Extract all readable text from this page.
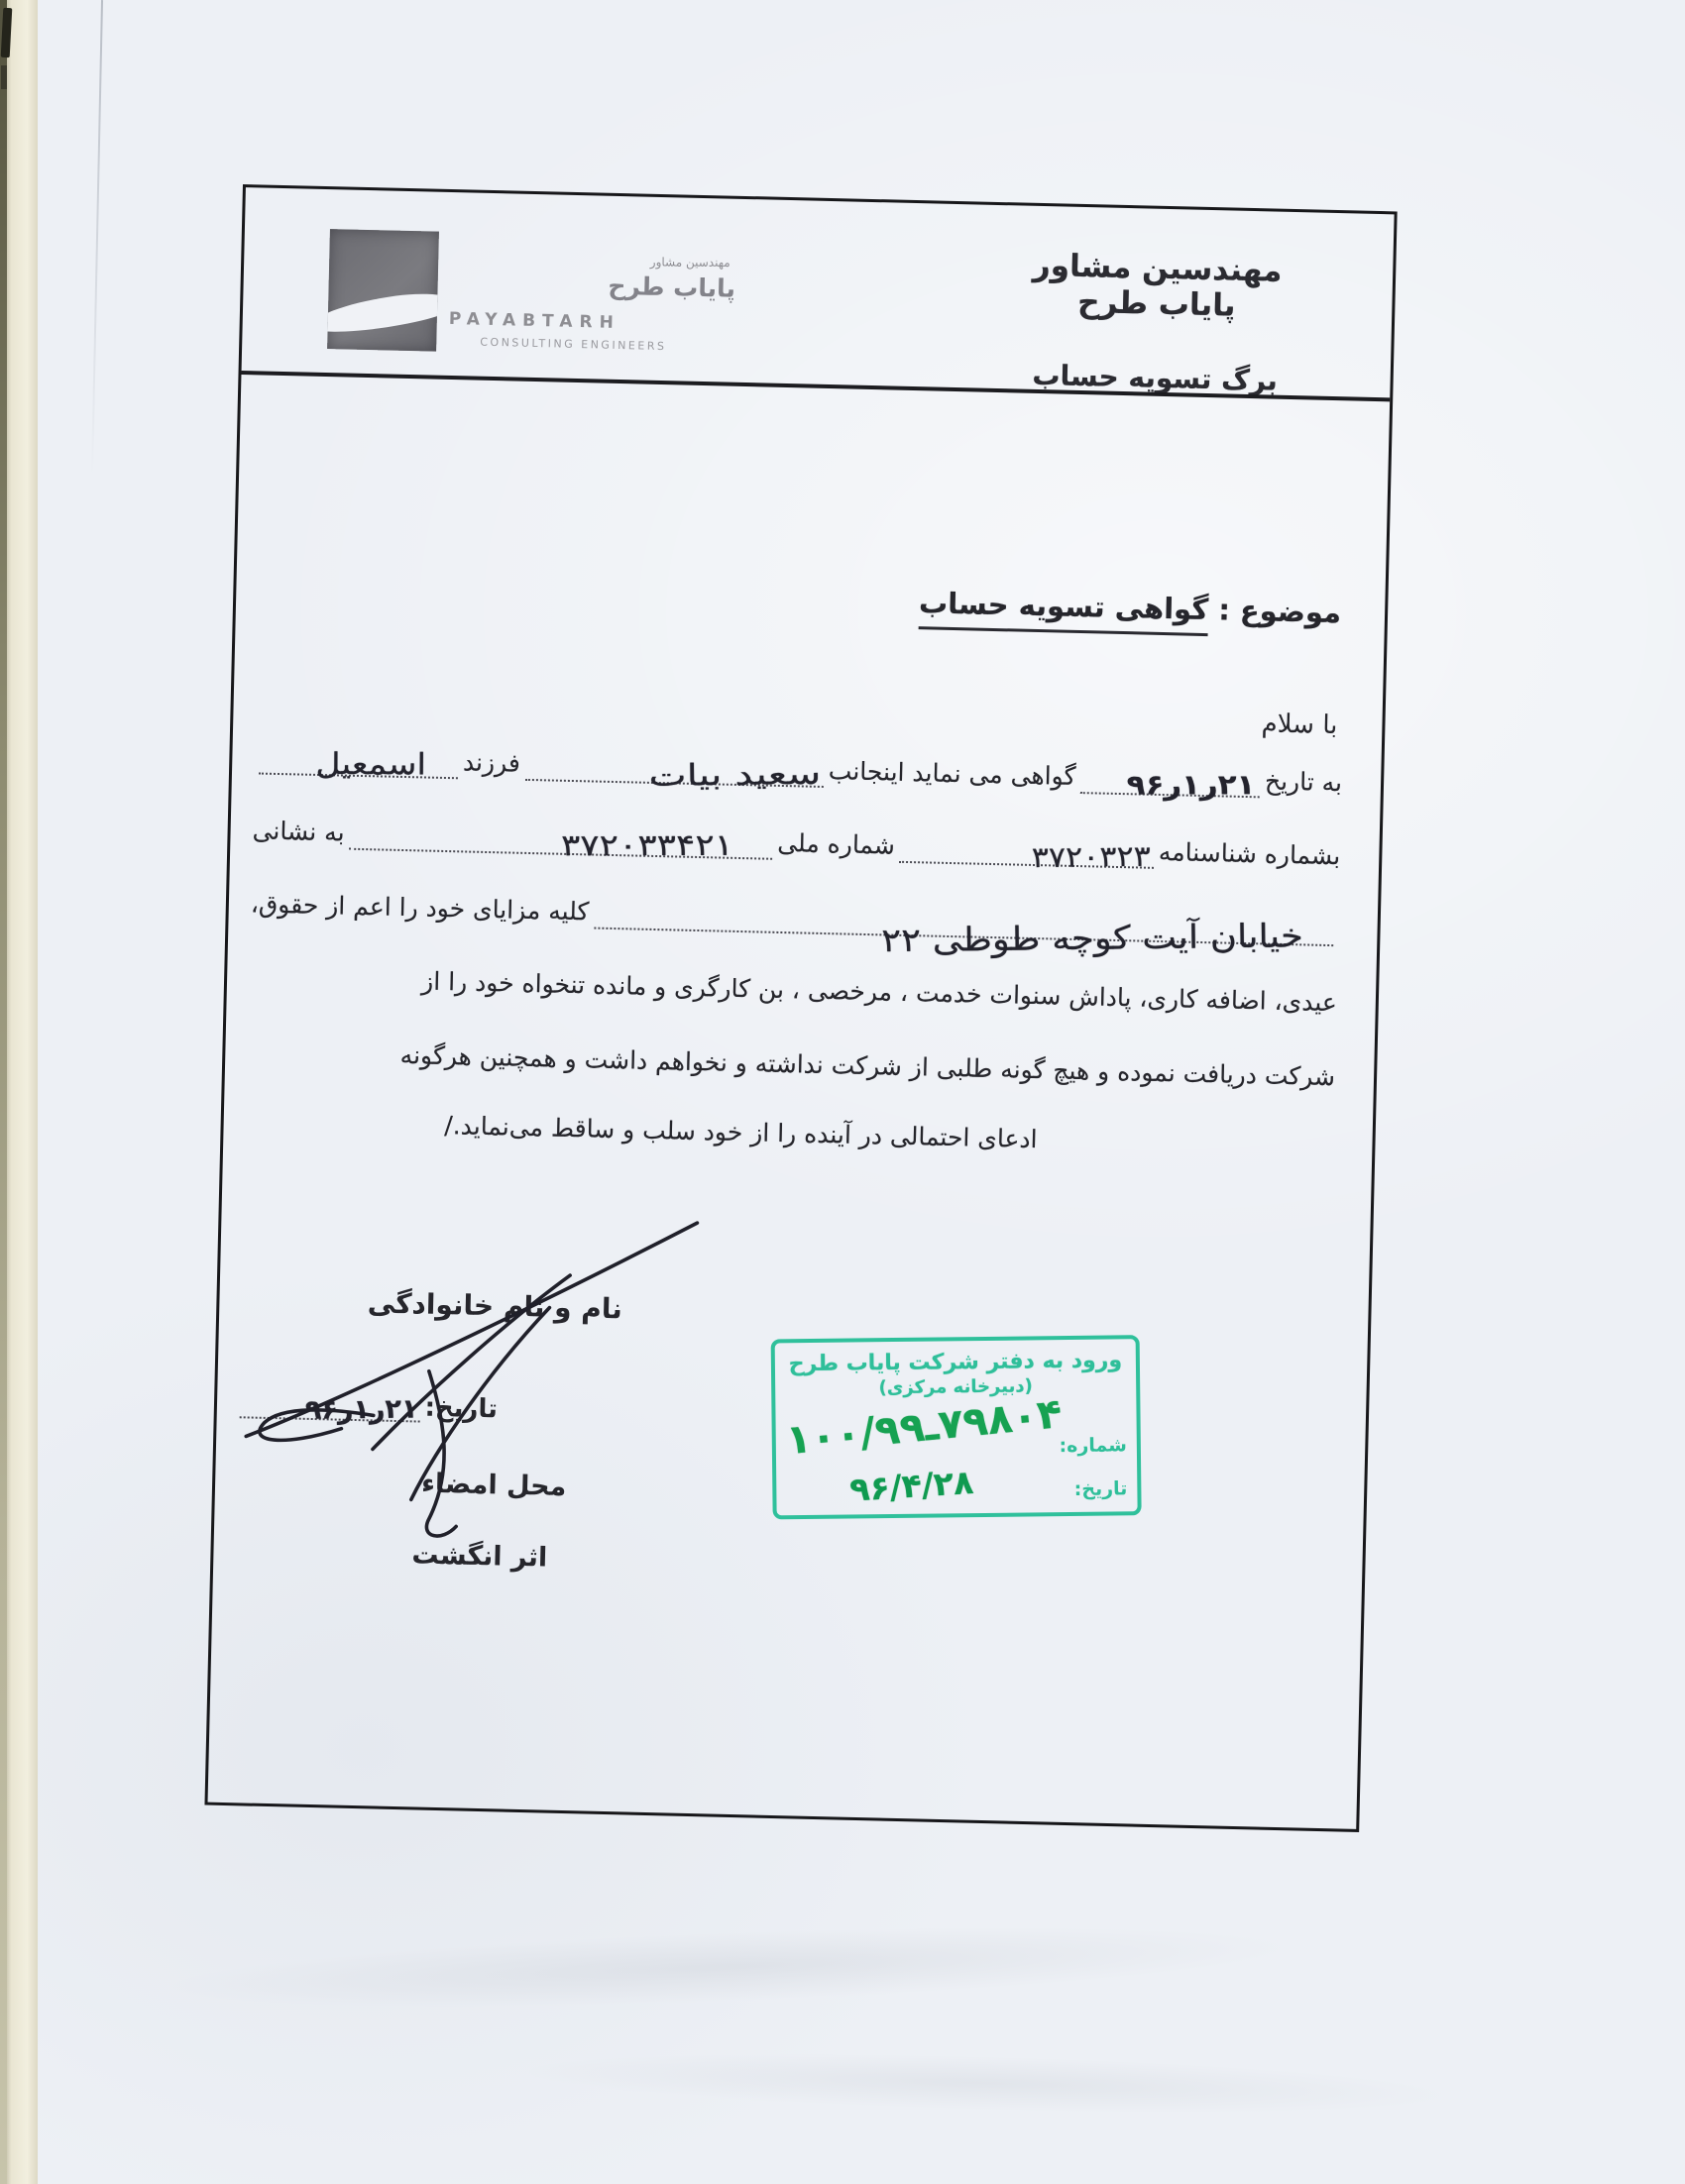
مهندسین مشاور
پایاب طرح
PAYABTARH
CONSULTING ENGINEERS
مهندسین مشاور پایاب طرح
برگ تسویه حساب
موضوع : گواهی تسویه حساب
با سلام
به تاریخ
۲۱ر۱ر۹۶
گواهی می نماید اینجانب
سعید بیات
فرزند
اسمعیل
بشماره شناسنامه
۳۷۲۰۳۲۳
شماره ملی
۳۷۲۰۳۳۴۲۱
به نشانی
خیابان آیت کوچه طوطی ۲۲
کلیه مزایای خود را اعم از حقوق،
عیدی، اضافه کاری، پاداش سنوات خدمت ، مرخصی ، بن کارگری و مانده تنخواه خود را از
شرکت دریافت نموده و هیچ گونه طلبی از شرکت نداشته و نخواهم داشت و همچنین هرگونه
ادعای احتمالی در آینده را از خود سلب و ساقط می‌نماید./
نام و نام خانوادگی
تاریخ:
۲۱ر۱ر۹۶
محل امضاء
اثر انگشت
ورود به دفتر شرکت پایاب طرح
(دبیرخانه مرکزی)
شماره:
تاریخ:
۷۹۸۰۴ـ۱۰۰/۹۹
۹۶/۴/۲۸
